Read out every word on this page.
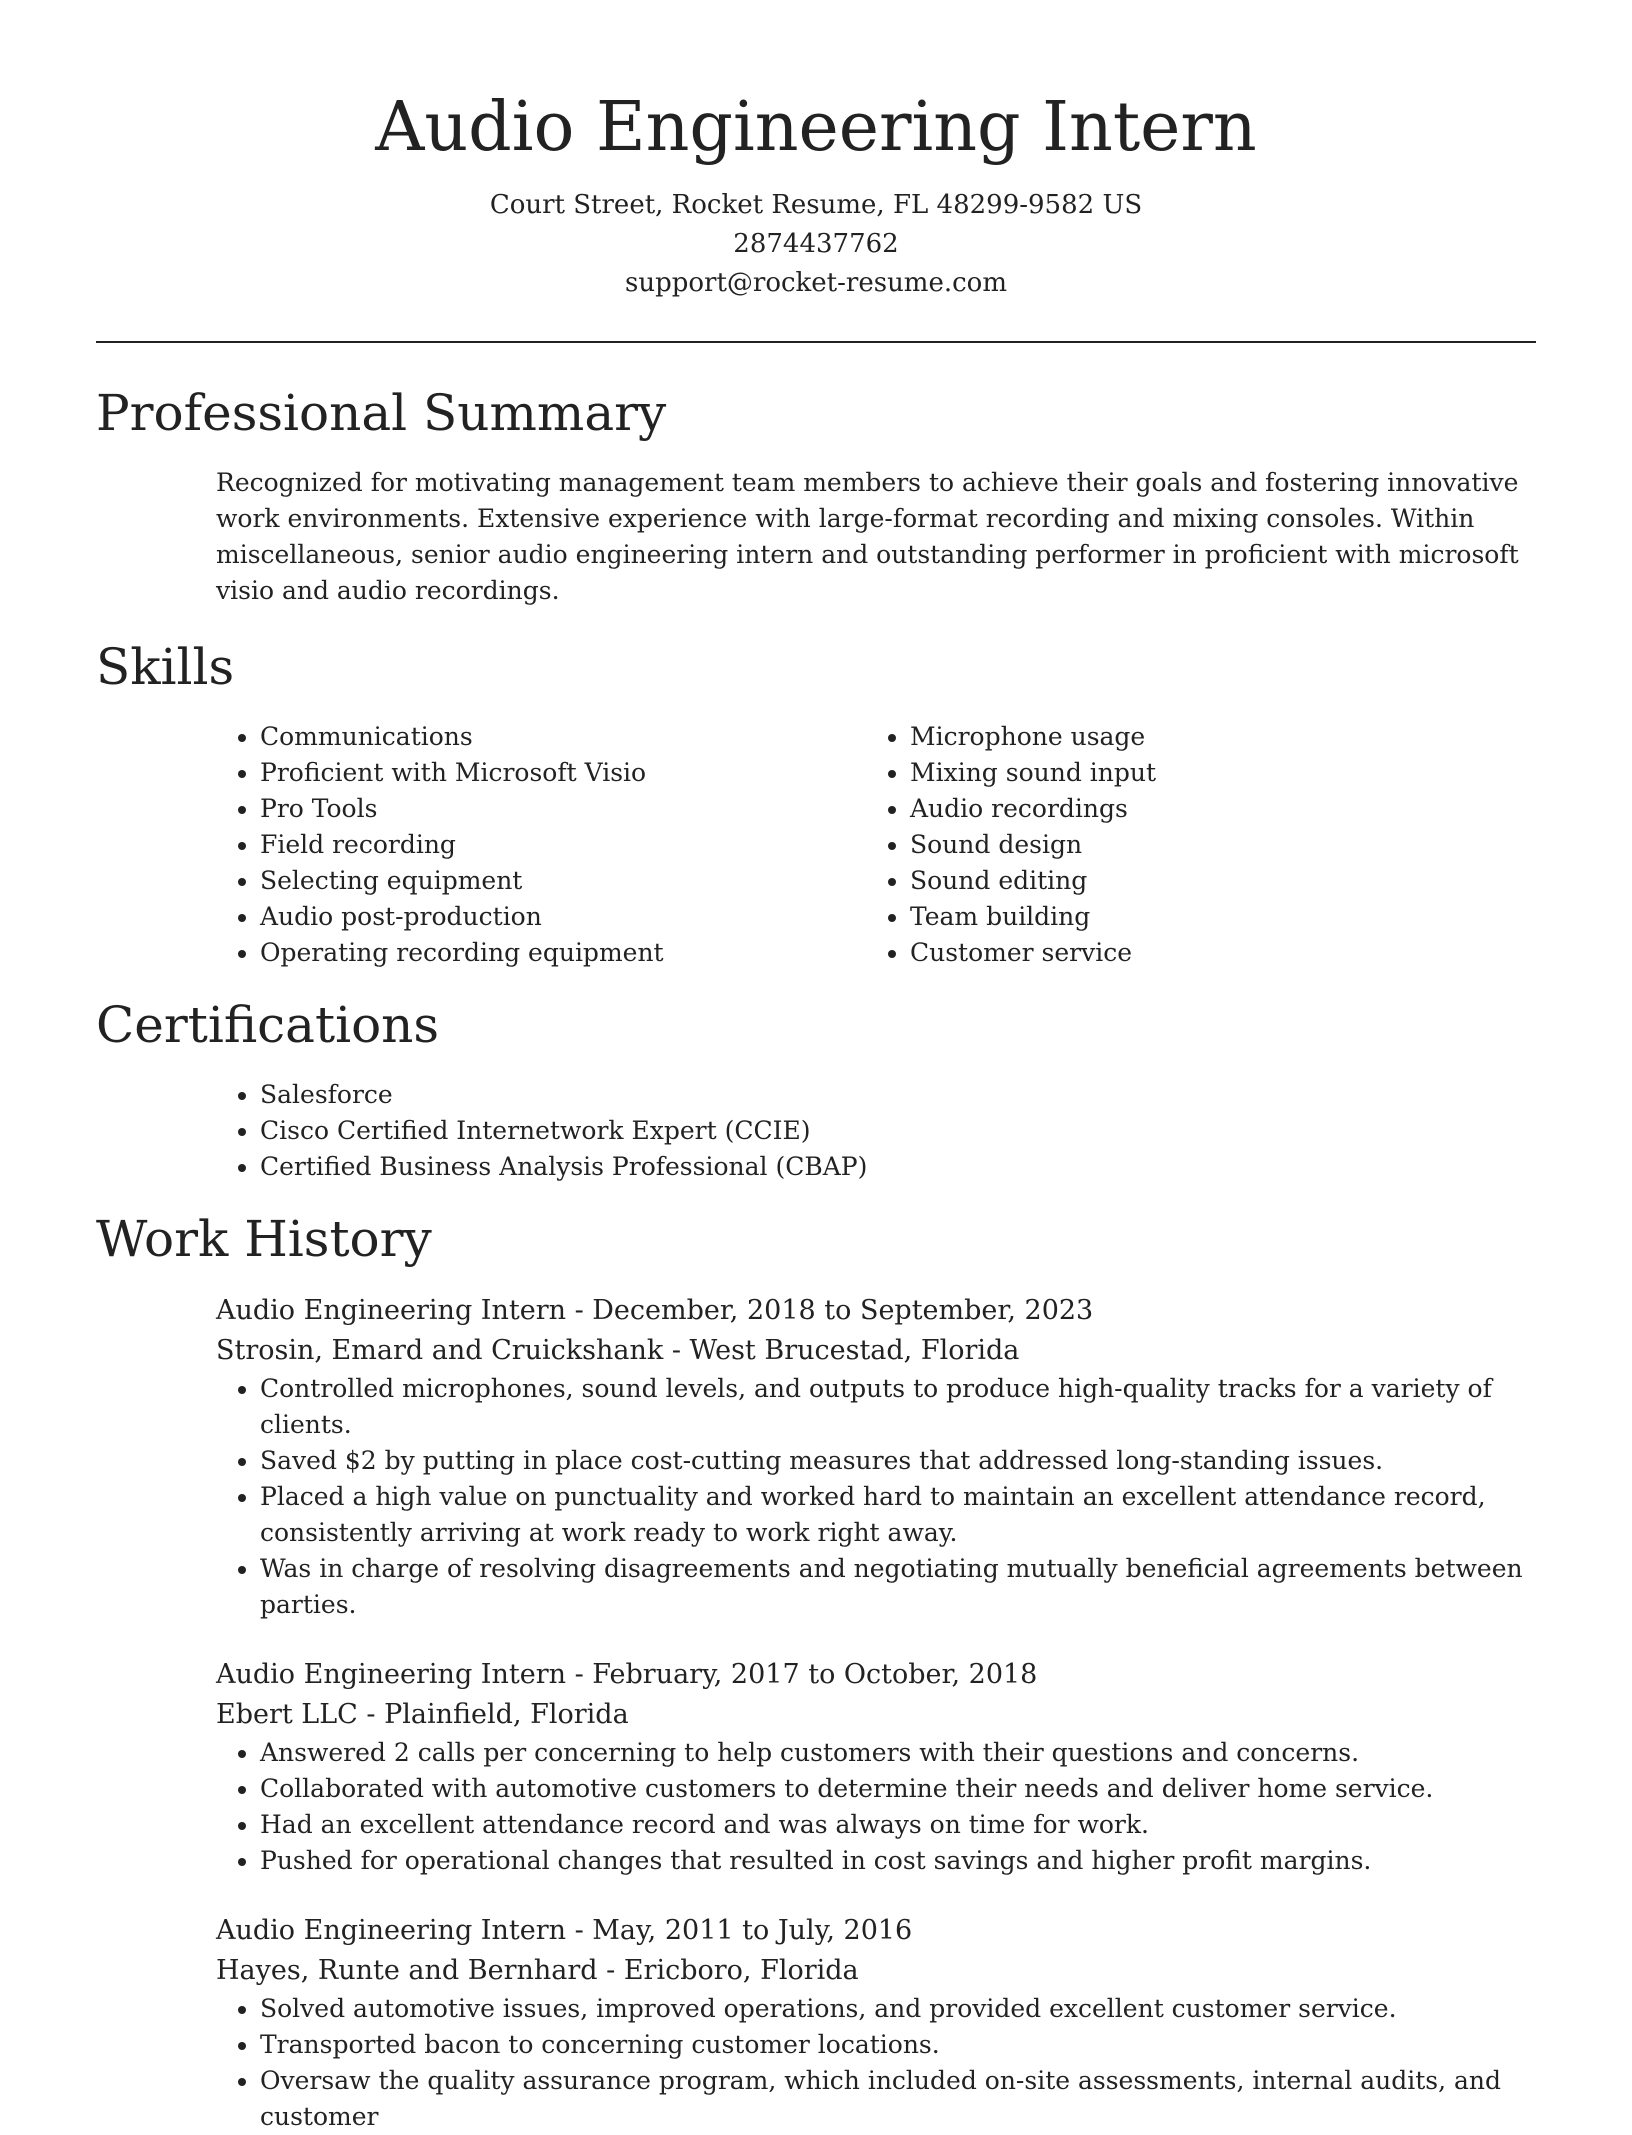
Audio Engineering Intern
Court Street, Rocket Resume, FL 48299-9582 US
2874437762
support@rocket-resume.com
Professional Summary

Recognized for motivating management team members to achieve their goals and fostering innovative work environments. Extensive experience with large-format recording and mixing consoles. Within miscellaneous, senior audio engineering intern and outstanding performer in proficient with microsoft visio and audio recordings.

Skills
• Communications
• Proficient with Microsoft Visio
• Pro Tools
• Field recording
• Selecting equipment
• Audio post-production
• Operating recording equipment
• Microphone usage
• Mixing sound input
• Audio recordings
• Sound design
• Sound editing
• Team building
• Customer service
Certifications
• Salesforce
• Cisco Certified Internetwork Expert (CCIE)
• Certified Business Analysis Professional (CBAP)
Work History
Audio Engineering Intern - December, 2018 to September, 2023
Strosin, Emard and Cruickshank - West Brucestad, Florida
• Controlled microphones, sound levels, and outputs to produce high-quality tracks for a variety of clients.
• Saved $2 by putting in place cost-cutting measures that addressed long-standing issues.
• Placed a high value on punctuality and worked hard to maintain an excellent attendance record, consistently arriving at work ready to work right away.
• Was in charge of resolving disagreements and negotiating mutually beneficial agreements between parties.
Audio Engineering Intern - February, 2017 to October, 2018
Ebert LLC - Plainfield, Florida
• Answered 2 calls per concerning to help customers with their questions and concerns.
• Collaborated with automotive customers to determine their needs and deliver home service.
• Had an excellent attendance record and was always on time for work.
• Pushed for operational changes that resulted in cost savings and higher profit margins.
Audio Engineering Intern - May, 2011 to July, 2016
Hayes, Runte and Bernhard - Ericboro, Florida
• Solved automotive issues, improved operations, and provided excellent customer service.
• Transported bacon to concerning customer locations.
• Oversaw the quality assurance program, which included on-site assessments, internal audits, and customer
